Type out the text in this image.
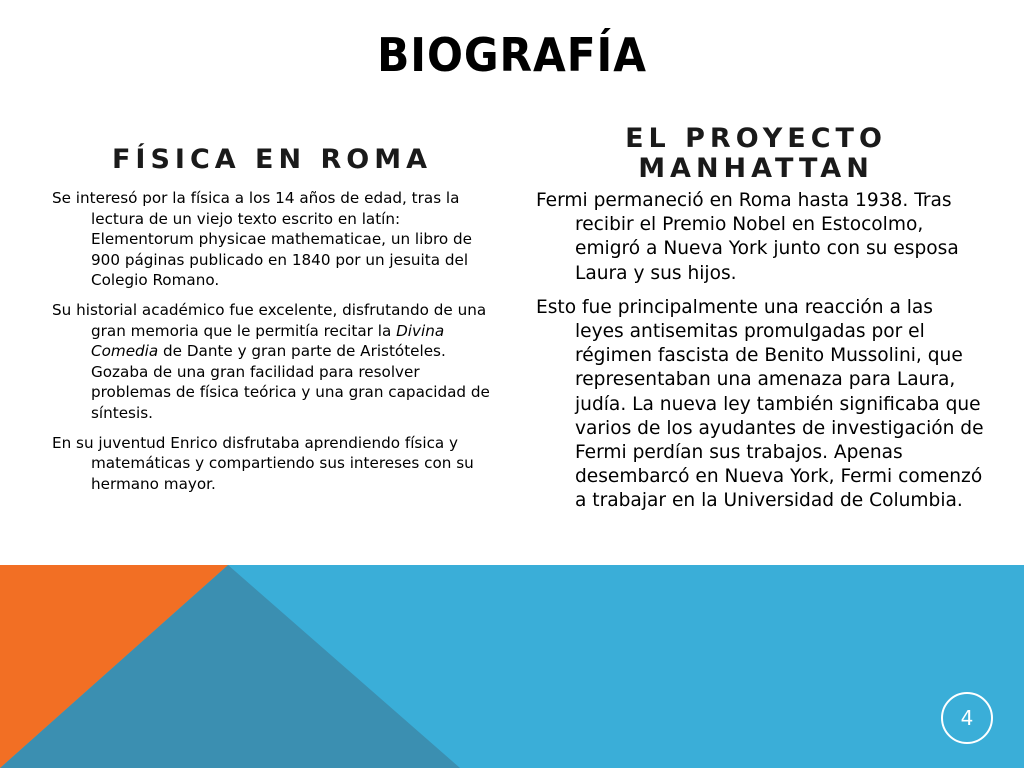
BIOGRAFÍA
FÍSICA EN ROMA

Se interesó por la física a los 14 años de edad, tras la lectura de un viejo texto escrito en latín: Elementorum physicae mathematicae, un libro de 900 páginas publicado en 1840 por un jesuita del Colegio Romano.

Su historial académico fue excelente, disfrutando de una gran memoria que le permitía recitar la Divina Comedia de Dante y gran parte de Aristóteles. Gozaba de una gran facilidad para resolver problemas de física teórica y una gran capacidad de síntesis.

En su juventud Enrico disfrutaba aprendiendo física y matemáticas y compartiendo sus intereses con su hermano mayor.

EL PROYECTO
MANHATTAN

Fermi permaneció en Roma hasta 1938. Tras recibir el Premio Nobel en Estocolmo, emigró a Nueva York junto con su esposa Laura y sus hijos.

Esto fue principalmente una reacción a las leyes antisemitas promulgadas por el régimen fascista de Benito Mussolini, que representaban una amenaza para Laura, judía. La nueva ley también significaba que varios de los ayudantes de investigación de Fermi perdían sus trabajos. Apenas desembarcó en Nueva York, Fermi comenzó a trabajar en la Universidad de Columbia.

4
